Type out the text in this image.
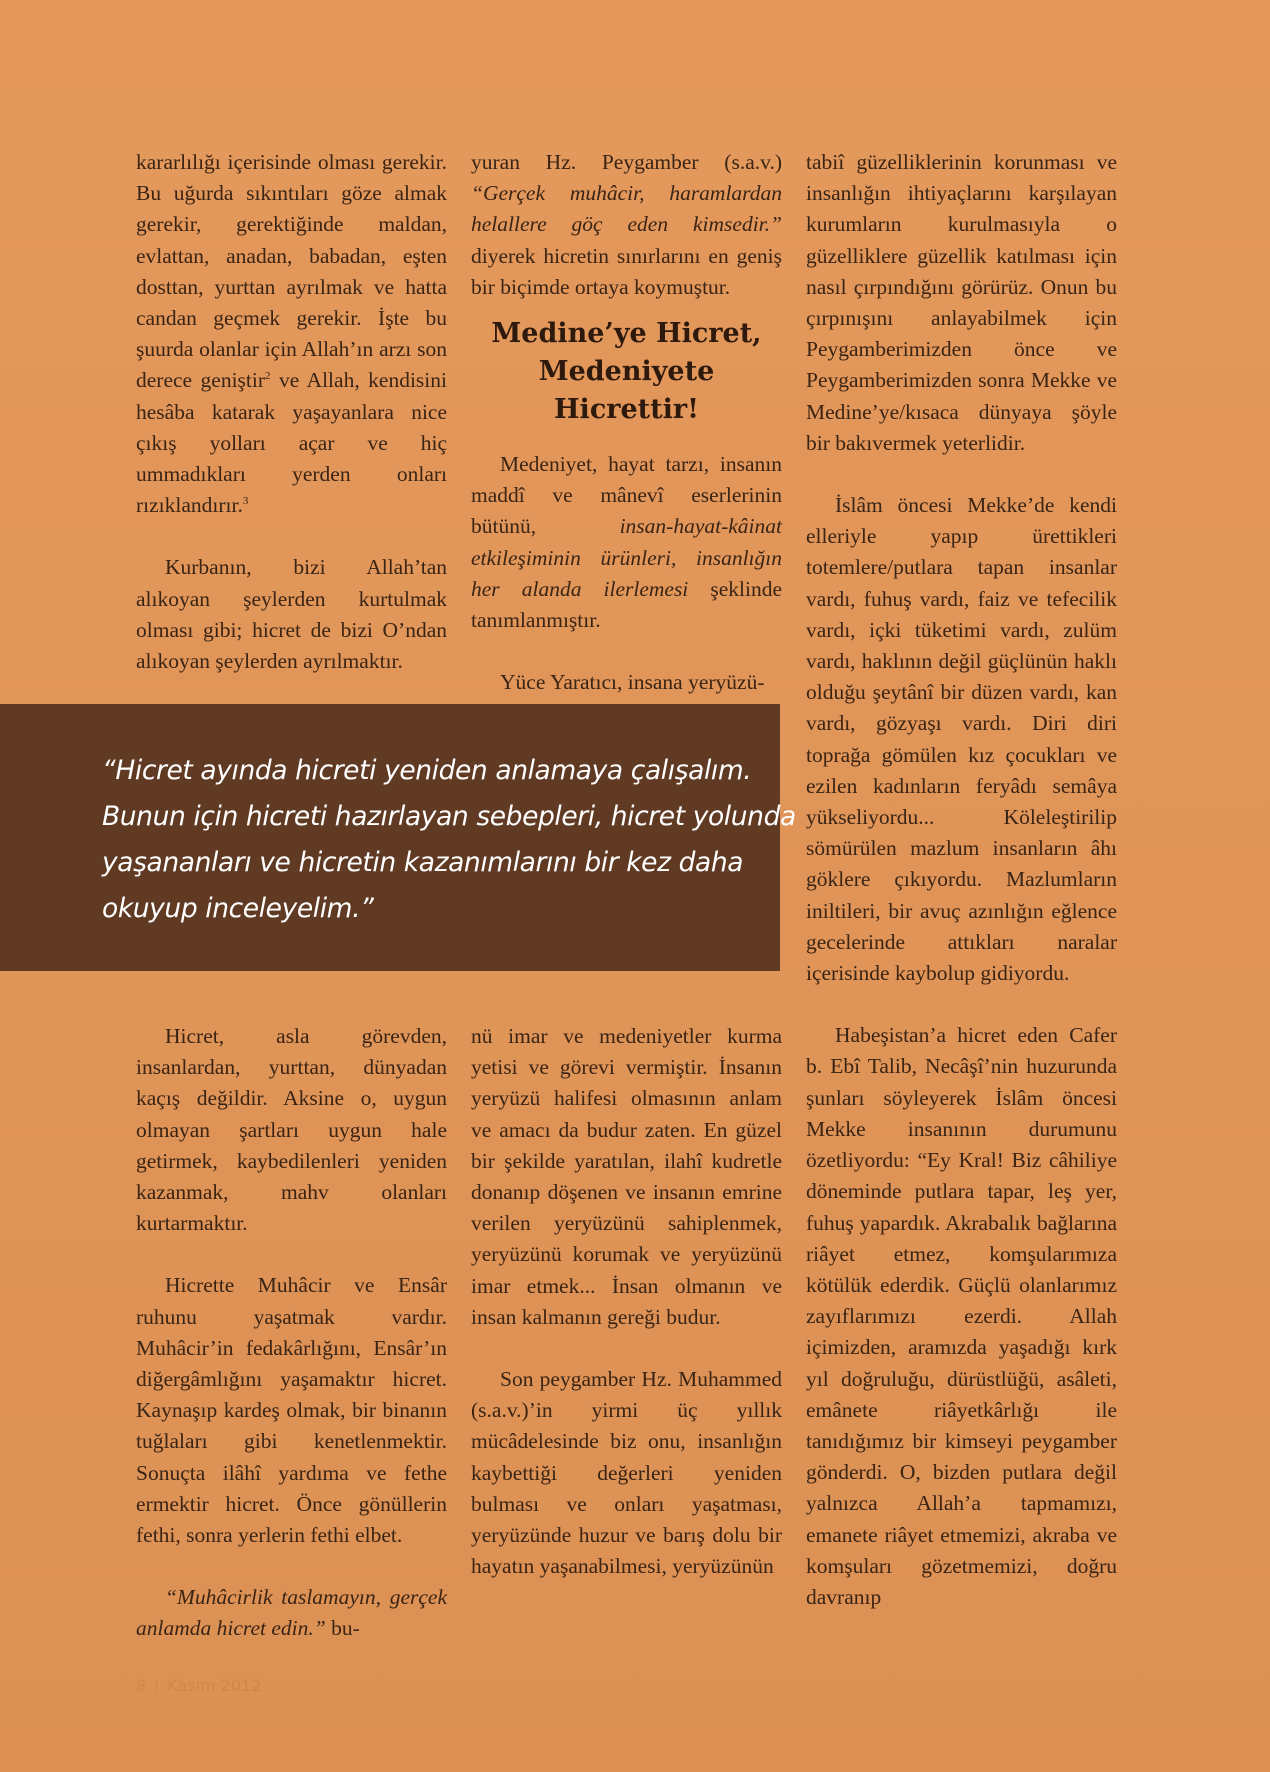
kararlılığı içerisinde olması gerekir. Bu uğurda sıkıntıları göze almak gerekir, gerektiğinde maldan, evlattan, anadan, babadan, eşten dosttan, yurttan ayrılmak ve hatta candan geçmek gerekir. İşte bu şuurda olanlar için Allah’ın arzı son derece geniştir$^2$ ve Allah, kendisini hesâba katarak yaşayanlara nice çıkış yolları açar ve hiç ummadıkları yerden onları rızıklandırır.$^3$

Kurbanın, bizi Allah’tan alıkoyan şeylerden kurtulmak olması gibi; hicret de bizi O’ndan alıkoyan şeylerden ayrılmaktır.

yuran Hz. Peygamber (s.a.v.) “Gerçek muhâcir, haramlardan helallere göç eden kimsedir.” diyerek hicretin sınırlarını en geniş bir biçimde ortaya koymuştur.

Medine’ye Hicret,
Medeniyete Hicrettir!

Medeniyet, hayat tarzı, insanın maddî ve mânevî eserlerinin bütünü, insan-hayat-kâinat etkileşiminin ürünleri, insanlığın her alanda ilerlemesi şeklinde tanımlanmıştır.

Yüce Yaratıcı, insana yeryüzü-

tabiî güzelliklerinin korunması ve insanlığın ihtiyaçlarını karşılayan kurumların kurulmasıyla o güzelliklere güzellik katılması için nasıl çırpındığını görürüz. Onun bu çırpınışını anlayabilmek için Peygamberimizden önce ve Peygamberimizden sonra Mekke ve Medine’ye/kısaca dünyaya şöyle bir bakıvermek yeterlidir.

İslâm öncesi Mekke’de kendi elleriyle yapıp ürettikleri totemlere/putlara tapan insanlar vardı, fuhuş vardı, faiz ve tefecilik vardı, içki tüketimi vardı, zulüm vardı, haklının değil güçlünün haklı olduğu şeytânî bir düzen vardı, kan vardı, gözyaşı vardı. Diri diri toprağa gömülen kız çocukları ve ezilen kadınların feryâdı semâya yükseliyordu... Köleleştirilip sömürülen mazlum insanların âhı göklere çıkıyordu. Mazlumların iniltileri, bir avuç azınlığın eğlence gecelerinde attıkları naralar içerisinde kaybolup gidiyordu.

Habeşistan’a hicret eden Cafer b. Ebî Talib, Necâşî’nin huzurunda şunları söyleyerek İslâm öncesi Mekke insanının durumunu özetliyordu: “Ey Kral! Biz câhiliye döneminde putlara tapar, leş yer, fuhuş yapardık. Akrabalık bağlarına riâyet etmez, komşularımıza kötülük ederdik. Güçlü olanlarımız zayıflarımızı ezerdi. Allah içimizden, aramızda yaşadığı kırk yıl doğruluğu, dürüstlüğü, asâleti, emânete riâyetkârlığı ile tanıdığımız bir kimseyi peygamber gönderdi. O, bizden putlara değil yalnızca Allah’a tapmamızı, emanete riâyet etmemizi, akraba ve komşuları gözetmemizi, doğru davranıp

“Hicret ayında hicreti yeniden anlamaya çalışalım.
Bunun için hicreti hazırlayan sebepleri, hicret yolunda
yaşananları ve hicretin kazanımlarını bir kez daha
okuyup inceleyelim.”

Hicret, asla görevden, insanlardan, yurttan, dünyadan kaçış değildir. Aksine o, uygun olmayan şartları uygun hale getirmek, kaybedilenleri yeniden kazanmak, mahv olanları kurtarmaktır.

Hicrette Muhâcir ve Ensâr ruhunu yaşatmak vardır. Muhâcir’in fedakârlığını, Ensâr’ın diğergâmlığını yaşamaktır hicret. Kaynaşıp kardeş olmak, bir binanın tuğlaları gibi kenetlenmektir. Sonuçta ilâhî yardıma ve fethe ermektir hicret. Önce gönüllerin fethi, sonra yerlerin fethi elbet.

“Muhâcirlik taslamayın, gerçek anlamda hicret edin.” bu-

nü imar ve medeniyetler kurma yetisi ve görevi vermiştir. İnsanın yeryüzü halifesi olmasının anlam ve amacı da budur zaten. En güzel bir şekilde yaratılan, ilahî kudretle donanıp döşenen ve insanın emrine verilen yeryüzünü sahiplenmek, yeryüzünü korumak ve yeryüzünü imar etmek... İnsan olmanın ve insan kalmanın gereği budur.

Son peygamber Hz. Muhammed (s.a.v.)’in yirmi üç yıllık mücâdelesinde biz onu, insanlığın kaybettiği değerleri yeniden bulması ve onları yaşatması, yeryüzünde huzur ve barış dolu bir hayatın yaşanabilmesi, yeryüzünün

8 Kasım 2012
